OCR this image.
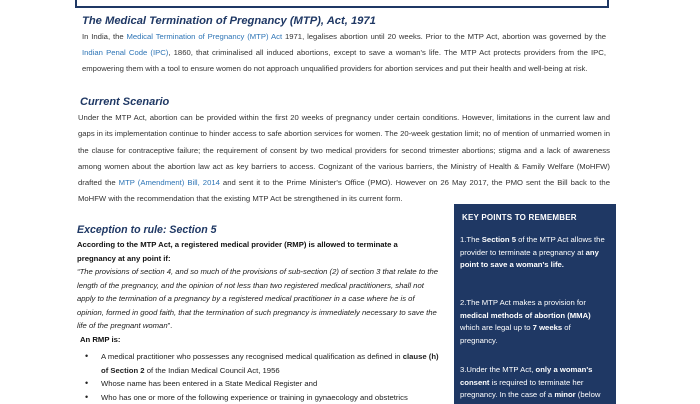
The Medical Termination of Pregnancy (MTP), Act, 1971

In India, the Medical Termination of Pregnancy (MTP) Act 1971, legalises abortion until 20 weeks. Prior to the MTP Act, abortion was governed by the Indian Penal Code (IPC), 1860, that criminalised all induced abortions, except to save a woman's life. The MTP Act protects providers from the IPC, empowering them with a tool to ensure women do not approach unqualified providers for abortion services and put their health and well-being at risk.

Current Scenario

Under the MTP Act, abortion can be provided within the first 20 weeks of pregnancy under certain conditions. However, limitations in the current law and gaps in its implementation continue to hinder access to safe abortion services for women. The 20-week gestation limit; no of mention of unmarried women in the clause for contraceptive failure; the requirement of consent by two medical providers for second trimester abortions; stigma and a lack of awareness among women about the abortion law act as key barriers to access. Cognizant of the various barriers, the Ministry of Health & Family Welfare (MoHFW) drafted the MTP (Amendment) Bill, 2014 and sent it to the Prime Minister's Office (PMO). However on 26 May 2017, the PMO sent the Bill back to the MoHFW with the recommendation that the existing MTP Act be strengthened in its current form.

Exception to rule: Section 5

According to the MTP Act, a registered medical provider (RMP) is allowed to terminate a pregnancy at any point if:

“The provisions of section 4, and so much of the provisions of sub-section (2) of section 3 that relate to the length of the pregnancy, and the opinion of not less than two registered medical practitioners, shall not apply to the termination of a pregnancy by a registered medical practitioner in a case where he is of opinion, formed in good faith, that the termination of such pregnancy is immediately necessary to save the life of the pregnant woman”.

An RMP is:

• A medical practitioner who possesses any recognised medical qualification as defined in clause (h) of Section 2 of the Indian Medical Council Act, 1956
• Whose name has been entered in a State Medical Register and
• Who has one or more of the following experience or training in gynaecology and obstetrics
KEY POINTS TO REMEMBER

1.The Section 5 of the MTP Act allows the provider to terminate a pregnancy at any point to save a woman's life.

2.The MTP Act makes a provision for medical methods of abortion (MMA) which are legal up to 7 weeks of pregnancy.

3.Under the MTP Act, only a woman's consent is required to terminate her pregnancy. In the case of a minor (below
